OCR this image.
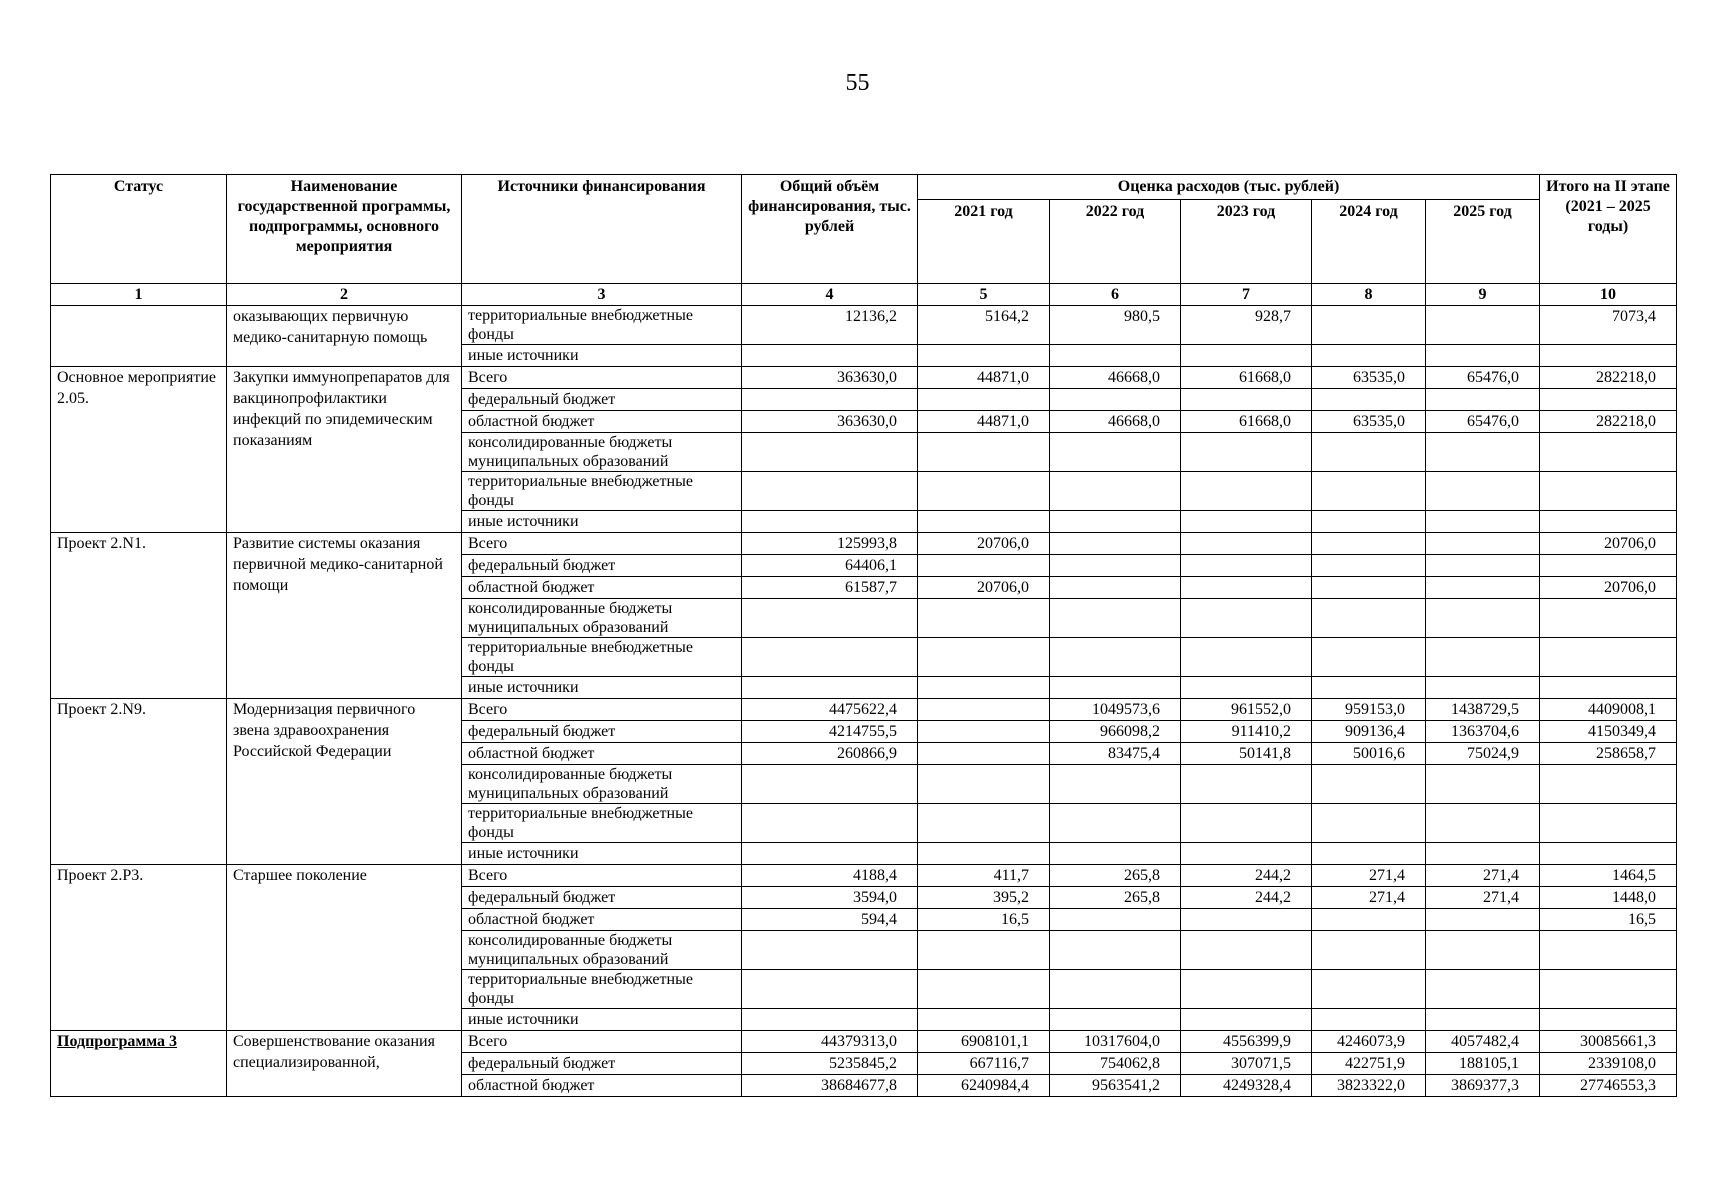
55
Статус	Наименование государственной программы, подпрограммы, основного мероприятия	Источники финансирования	Общий объём финансирования, тыс. рублей	Оценка расходов (тыс. рублей)					Итого на II этапе (2021 – 2025 годы)
				2021 год	2022 год	2023 год	2024 год	2025 год	
1	2	3	4	5	6	7	8	9	10
	оказывающих первичную медико-санитарную помощь	территориальные внебюджетные фонды	12136,2	5164,2	980,5	928,7			7073,4
		иные источники							
Основное мероприятие 2.05.	Закупки иммунопрепаратов для вакцинопрофилактики инфекций по эпидемическим показаниям	Всего	363630,0	44871,0	46668,0	61668,0	63535,0	65476,0	282218,0
		федеральный бюджет							
		областной бюджет	363630,0	44871,0	46668,0	61668,0	63535,0	65476,0	282218,0
		консолидированные бюджеты муниципальных образований							
		территориальные внебюджетные фонды							
		иные источники							
Проект 2.N1.	Развитие системы оказания первичной медико-санитарной помощи	Всего	125993,8	20706,0					20706,0
		федеральный бюджет	64406,1						
		областной бюджет	61587,7	20706,0					20706,0
		консолидированные бюджеты муниципальных образований							
		территориальные внебюджетные фонды							
		иные источники							
Проект 2.N9.	Модернизация первичного звена здравоохранения Российской Федерации	Всего	4475622,4		1049573,6	961552,0	959153,0	1438729,5	4409008,1
		федеральный бюджет	4214755,5		966098,2	911410,2	909136,4	1363704,6	4150349,4
		областной бюджет	260866,9		83475,4	50141,8	50016,6	75024,9	258658,7
		консолидированные бюджеты муниципальных образований							
		территориальные внебюджетные фонды							
		иные источники							
Проект 2.Р3.	Старшее поколение	Всего	4188,4	411,7	265,8	244,2	271,4	271,4	1464,5
		федеральный бюджет	3594,0	395,2	265,8	244,2	271,4	271,4	1448,0
		областной бюджет	594,4	16,5					16,5
		консолидированные бюджеты муниципальных образований							
		территориальные внебюджетные фонды							
		иные источники							
Подпрограмма 3	Совершенствование оказания специализированной,	Всего	44379313,0	6908101,1	10317604,0	4556399,9	4246073,9	4057482,4	30085661,3
		федеральный бюджет	5235845,2	667116,7	754062,8	307071,5	422751,9	188105,1	2339108,0
		областной бюджет	38684677,8	6240984,4	9563541,2	4249328,4	3823322,0	3869377,3	27746553,3
